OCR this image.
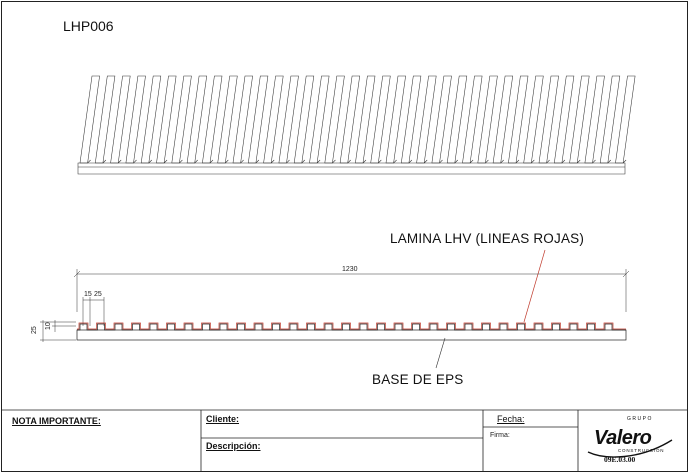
LHP006
LAMINA LHV (LINEAS ROJAS)
1230
15 25
25
10
BASE DE EPS
NOTA IMPORTANTE:	Cliente:
Descripción:
Fecha:
Firma:
GRUPO
Valero
CONSTRUCCIÓN
09E.03.00
